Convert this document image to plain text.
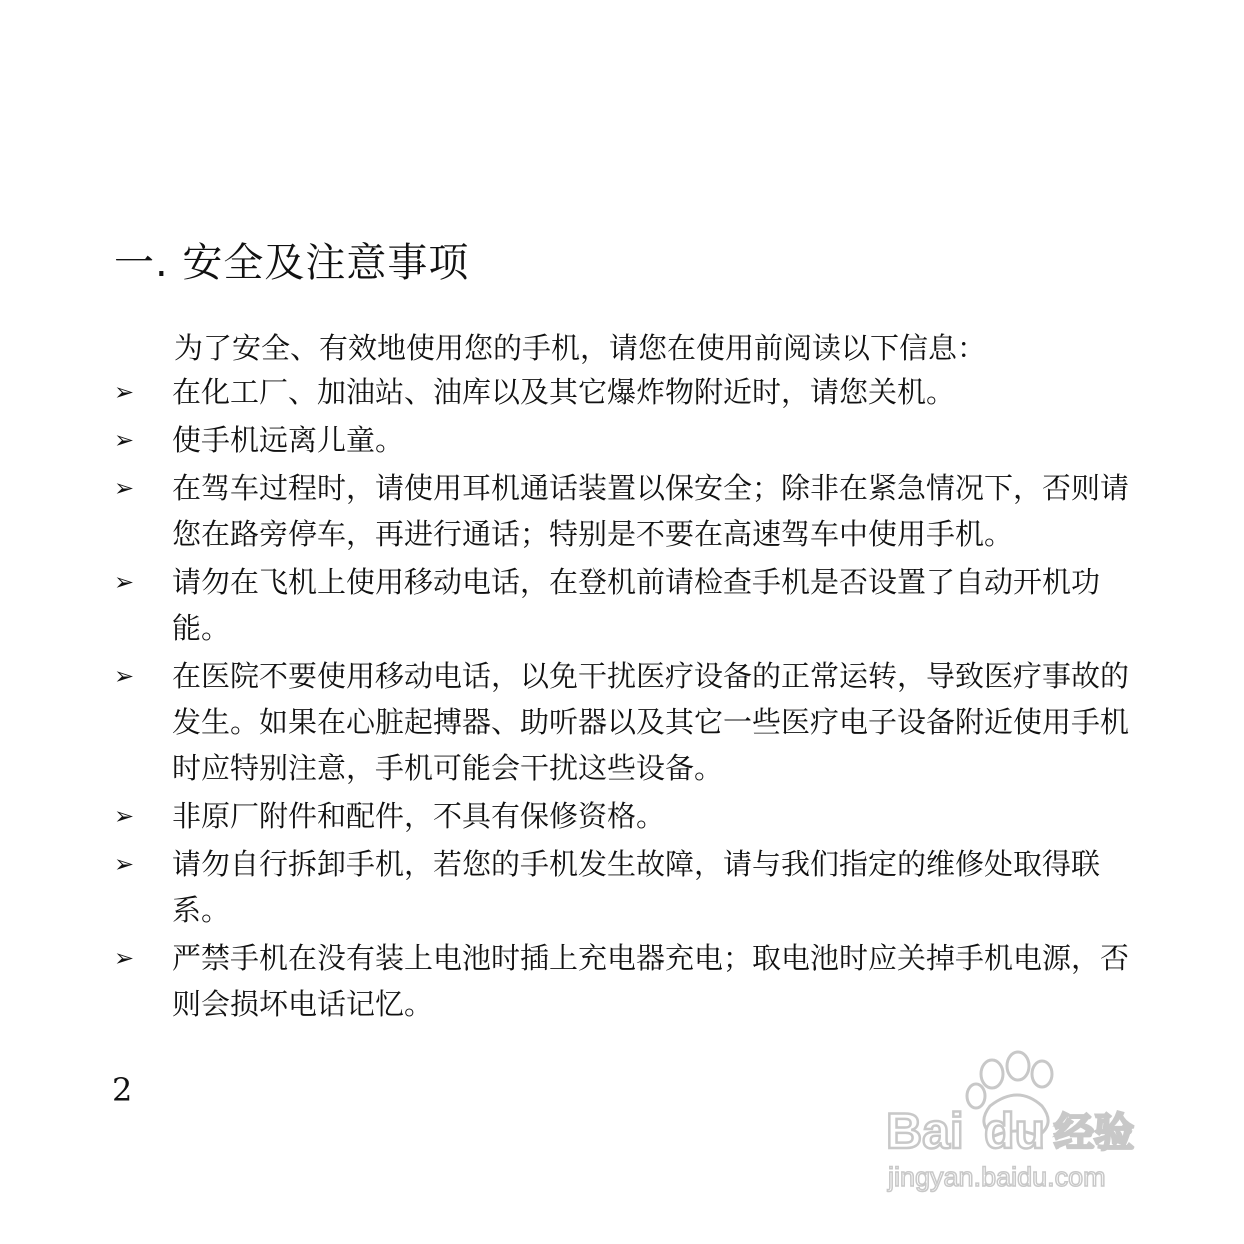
一. 安全及注意事项
为了安全、有效地使用您的手机，请您在使用前阅读以下信息：
➢ 在化工厂、加油站、油库以及其它爆炸物附近时，请您关机。
➢ 使手机远离儿童。
➢ 在驾车过程时，请使用耳机通话装置以保安全；除非在紧急情况下，否则请您在路旁停车，再进行通话；特别是不要在高速驾车中使用手机。
➢ 请勿在飞机上使用移动电话，在登机前请检查手机是否设置了自动开机功能。
➢ 在医院不要使用移动电话，以免干扰医疗设备的正常运转，导致医疗事故的发生。如果在心脏起搏器、助听器以及其它一些医疗电子设备附近使用手机时应特别注意，手机可能会干扰这些设备。
➢ 非原厂附件和配件，不具有保修资格。
➢ 请勿自行拆卸手机，若您的手机发生故障，请与我们指定的维修处取得联系。
➢ 严禁手机在没有装上电池时插上充电器充电；取电池时应关掉手机电源，否则会损坏电话记忆。
2
Bai du 经验
jingyan.baidu.com
